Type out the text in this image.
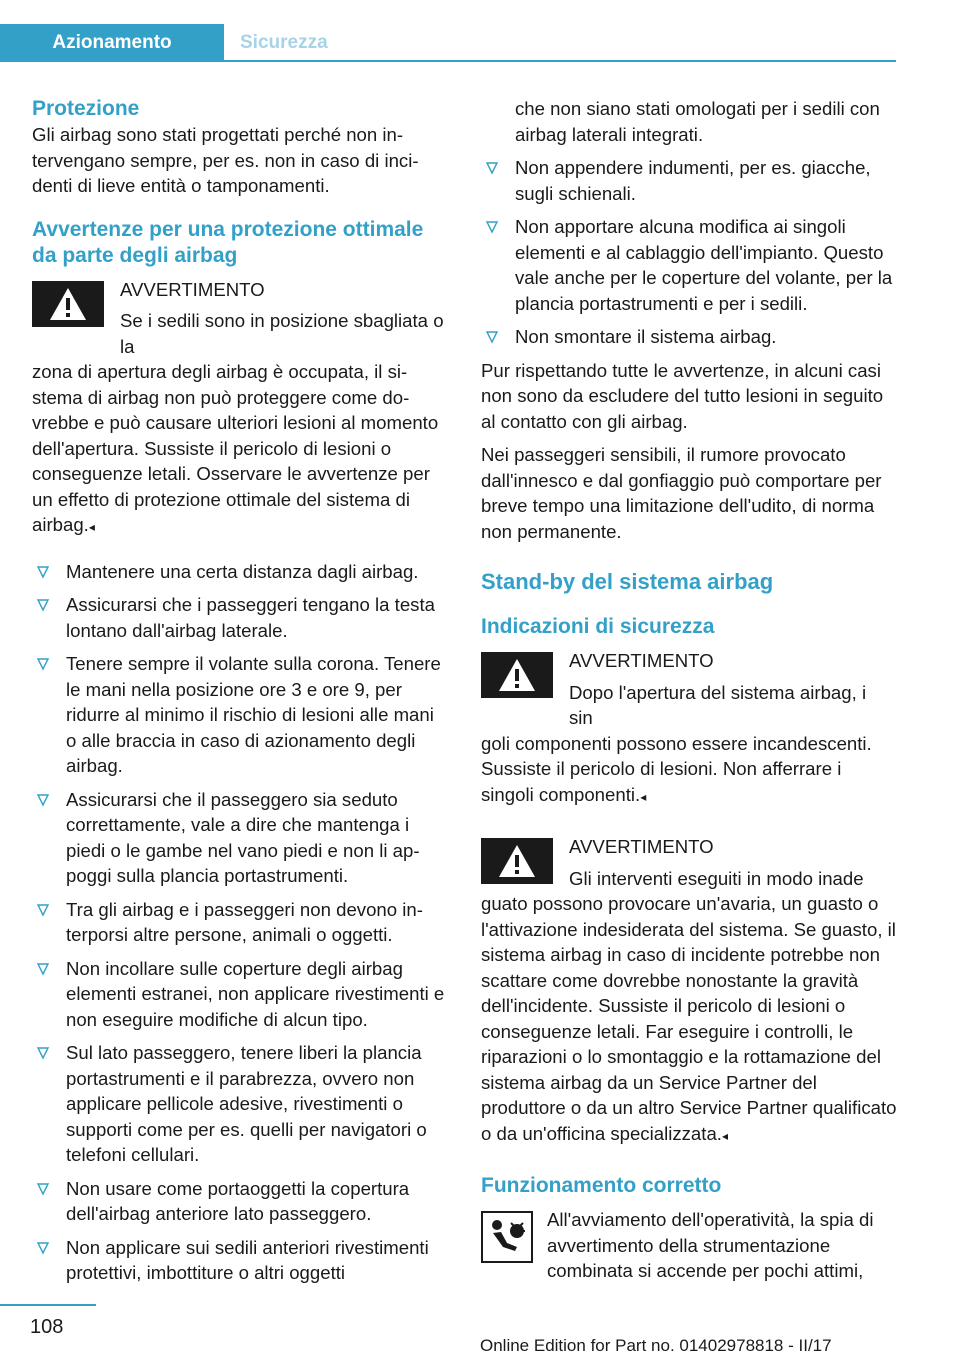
Azionamento	Sicurezza
Protezione

Gli airbag sono stati progettati perché non intervengano sempre, per es. non in caso di incidenti di lieve entità o tamponamenti.

Avvertenze per una protezione ottimale da parte degli airbag

AVVERTIMENTO

Se i sedili sono in posizione sbagliata o la

zona di apertura degli airbag è occupata, il sistema di airbag non può proteggere come dovrebbe e può causare ulteriori lesioni al momento dell'apertura. Sussiste il pericolo di lesioni o conseguenze letali. Osservare le avvertenze per un effetto di protezione ottimale del sistema di airbag.◂

Mantenere una certa distanza dagli airbag.
Assicurarsi che i passeggeri tengano la testa lontano dall'airbag laterale.
Tenere sempre il volante sulla corona. Tenere le mani nella posizione ore 3 e ore 9, per ridurre al minimo il rischio di lesioni alle mani o alle braccia in caso di azionamento degli airbag.
Assicurarsi che il passeggero sia seduto correttamente, vale a dire che mantenga i piedi o le gambe nel vano piedi e non li appoggi sulla plancia portastrumenti.
Tra gli airbag e i passeggeri non devono interporsi altre persone, animali o oggetti.
Non incollare sulle coperture degli airbag elementi estranei, non applicare rivestimenti e non eseguire modifiche di alcun tipo.
Sul lato passeggero, tenere liberi la plancia portastrumenti e il parabrezza, ovvero non applicare pellicole adesive, rivestimenti o supporti come per es. quelli per navigatori o telefoni cellulari.
Non usare come portaoggetti la copertura dell'airbag anteriore lato passeggero.
Non applicare sui sedili anteriori rivestimenti protettivi, imbottiture o altri oggetti
che non siano stati omologati per i sedili con airbag laterali integrati.
Non appendere indumenti, per es. giacche, sugli schienali.
Non apportare alcuna modifica ai singoli elementi e al cablaggio dell'impianto. Questo vale anche per le coperture del volante, per la plancia portastrumenti e per i sedili.
Non smontare il sistema airbag.

Pur rispettando tutte le avvertenze, in alcuni casi non sono da escludere del tutto lesioni in seguito al contatto con gli airbag.

Nei passeggeri sensibili, il rumore provocato dall'innesco e dal gonfiaggio può comportare per breve tempo una limitazione dell'udito, di norma non permanente.

Stand-by del sistema airbag
Indicazioni di sicurezza

AVVERTIMENTO

Dopo l'apertura del sistema airbag, i sin

goli componenti possono essere incandescenti. Sussiste il pericolo di lesioni. Non afferrare i singoli componenti.◂

AVVERTIMENTO

Gli interventi eseguiti in modo inade

guato possono provocare un'avaria, un guasto o l'attivazione indesiderata del sistema. Se guasto, il sistema airbag in caso di incidente potrebbe non scattare come dovrebbe nonostante la gravità dell'incidente. Sussiste il pericolo di lesioni o conseguenze letali. Far eseguire i controlli, le riparazioni o lo smontaggio e la rottamazione del sistema airbag da un Service Partner del produttore o da un altro Service Partner qualificato o da un'officina specializzata.◂

Funzionamento corretto

All'avviamento dell'operatività, la spia di avvertimento della strumentazione combinata si accende per pochi attimi,

108
Online Edition for Part no. 01402978818 - II/17
